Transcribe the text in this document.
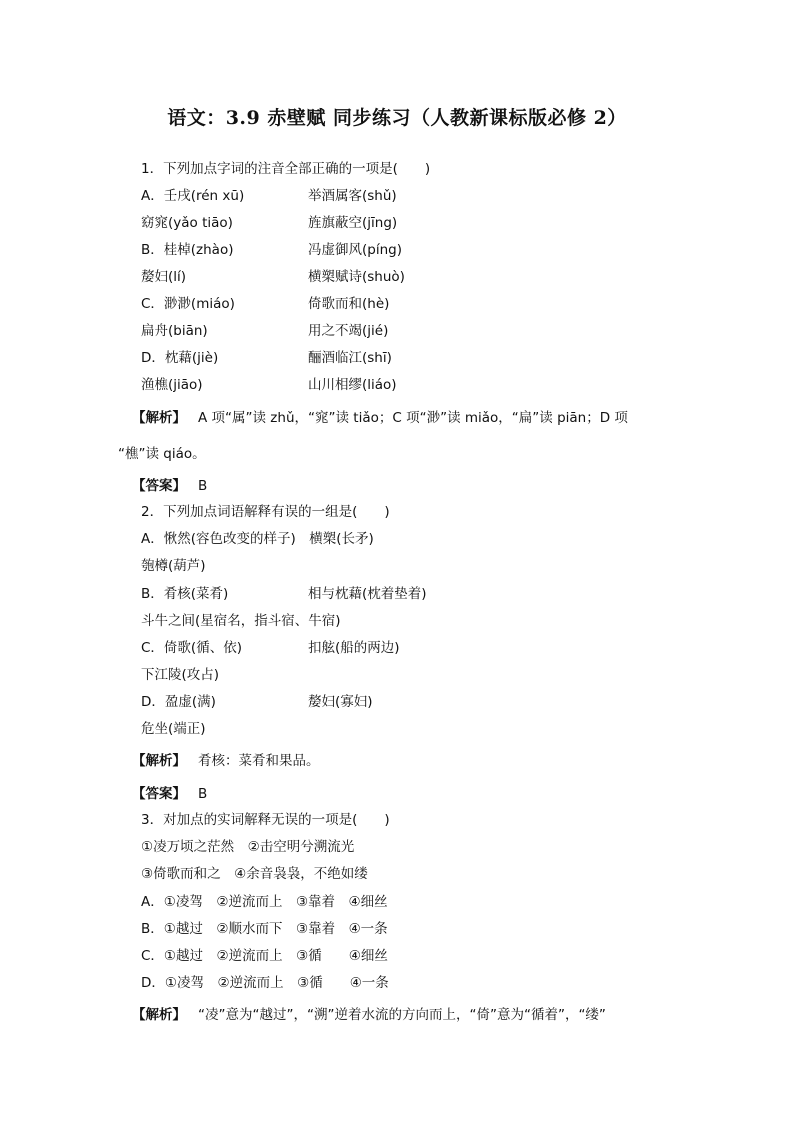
语文：3.9 赤壁赋 同步练习（人教新课标版必修 2）
1．下列加点字词的注音全部正确的一项是(　　)
A．壬戌(rén xū)	举酒属客(shǔ)
窈窕(yǎo tiāo)	旌旗蔽空(jīng)
B．桂棹(zhào)	冯虚御风(píng)
嫠妇(lí)	横槊赋诗(shuò)
C．渺渺(miáo)	倚歌而和(hè)
扁舟(biān)	用之不竭(jié)
D．枕藉(jiè)	酾酒临江(shī)
渔樵(jiāo)	山川相缪(liáo)
【解析】 A 项“属”读 zhǔ，“窕”读 tiǎo；C 项“渺”读 miǎo，“扁”读 piān；D 项
“樵”读 qiáo。
【答案】 B
2．下列加点词语解释有误的一组是(　　)
A．愀然(容色改变的样子)　横槊(长矛)
匏樽(葫芦)
B．肴核(菜肴)	相与枕藉(枕着垫着)
斗牛之间(星宿名，指斗宿、牛宿)
C．倚歌(循、依)	扣舷(船的两边)
下江陵(攻占)
D．盈虚(满)	嫠妇(寡妇)
危坐(端正)
【解析】 肴核：菜肴和果品。
【答案】 B
3．对加点的实词解释无误的一项是(　　)
①凌万顷之茫然　②击空明兮溯流光
③倚歌而和之　④余音袅袅，不绝如缕
A．①凌驾　②逆流而上　③靠着　④细丝
B．①越过　②顺水而下　③靠着　④一条
C．①越过　②逆流而上　③循　　④细丝
D．①凌驾　②逆流而上　③循　　④一条
【解析】 “凌”意为“越过”，“溯”逆着水流的方向而上，“倚”意为“循着”，“缕”
